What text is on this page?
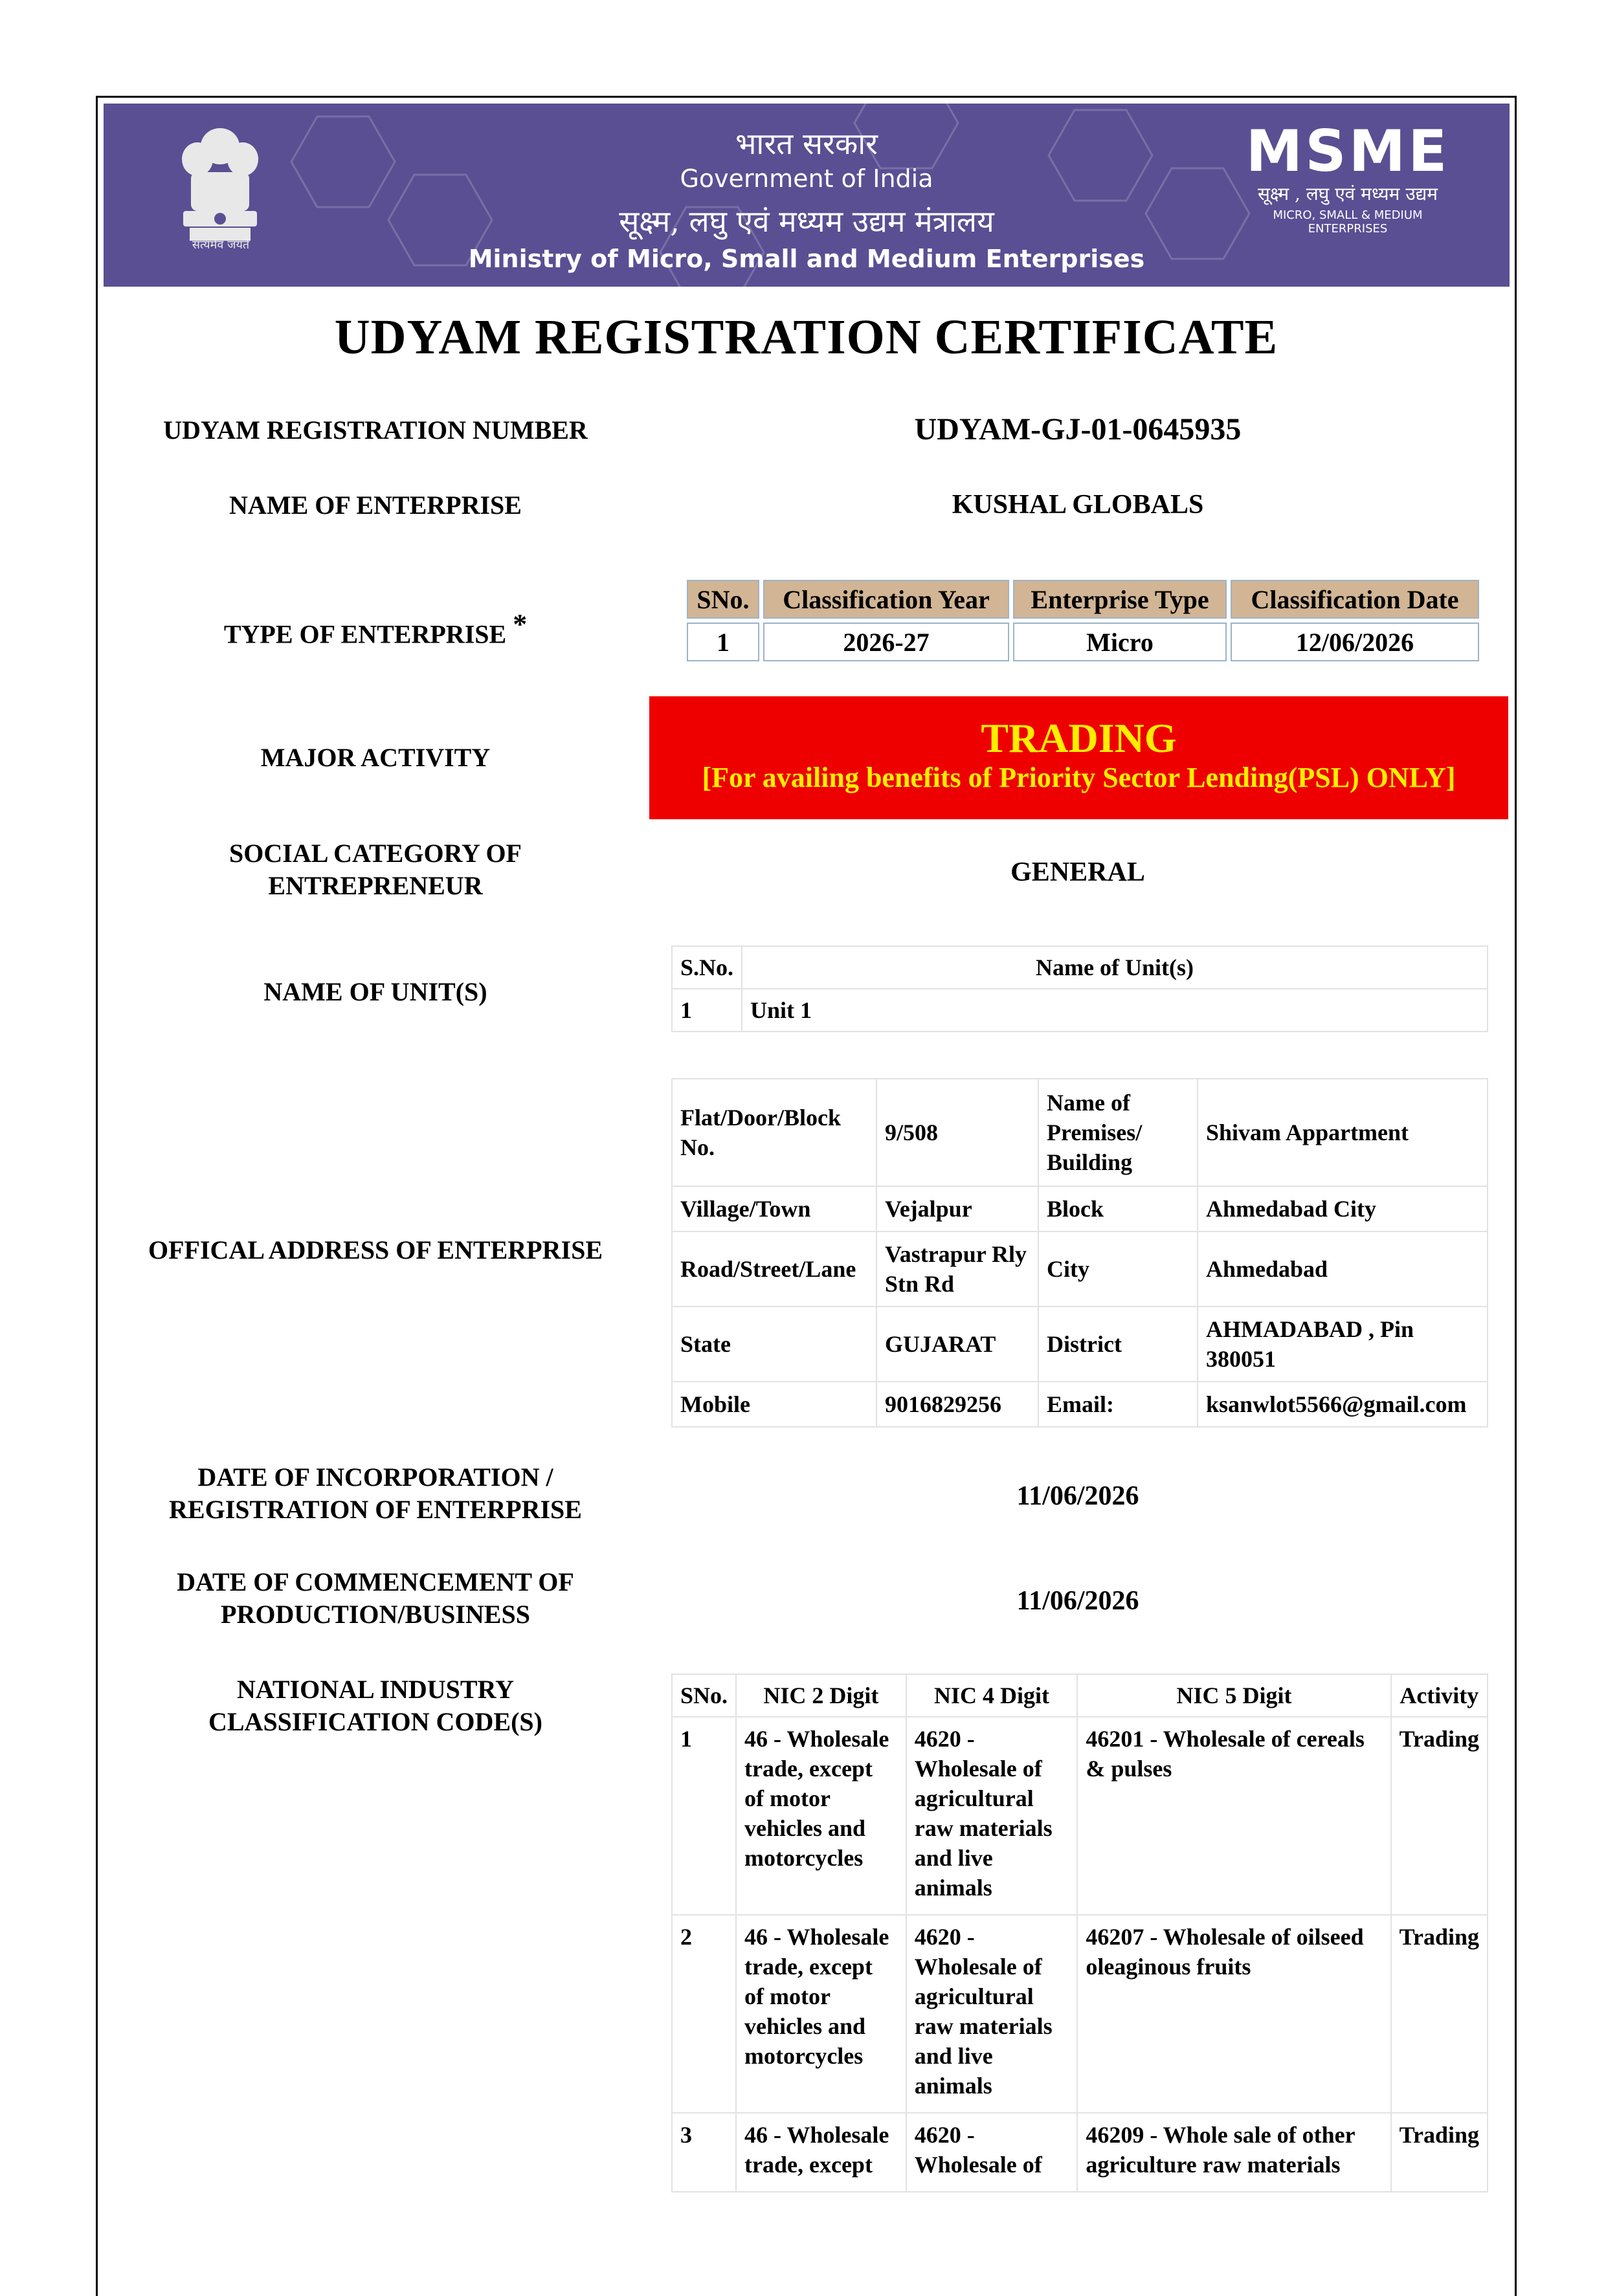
सत्यमेव जयते
भारत सरकार
Government of India
सूक्ष्म, लघु एवं मध्यम उद्यम मंत्रालय
Ministry of Micro, Small and Medium Enterprises
MSME
सूक्ष्म , लघु एवं मध्यम उद्यम
MICRO, SMALL & MEDIUM ENTERPRISES
UDYAM REGISTRATION CERTIFICATE
UDYAM REGISTRATION NUMBER	UDYAM-GJ-01-0645935
NAME OF ENTERPRISE	KUSHAL GLOBALS
TYPE OF ENTERPRISE *
SNo.	Classification Year	Enterprise Type	Classification Date
1	2026-27	Micro	12/06/2026
MAJOR ACTIVITY	TRADING
[For availing benefits of Priority Sector Lending(PSL) ONLY]
SOCIAL CATEGORY OF ENTREPRENEUR	GENERAL
NAME OF UNIT(S)
S.No.	Name of Unit(s)
1	Unit 1
OFFICAL ADDRESS OF ENTERPRISE
Flat/Door/Block No.	9/508	Name of Premises/ Building	Shivam Appartment
Village/Town	Vejalpur	Block	Ahmedabad City
Road/Street/Lane	Vastrapur Rly Stn Rd	City	Ahmedabad
State	GUJARAT	District	AHMADABAD , Pin 380051
Mobile	9016829256	Email:	ksanwlot5566@gmail.com
DATE OF INCORPORATION / REGISTRATION OF ENTERPRISE	11/06/2026
DATE OF COMMENCEMENT OF PRODUCTION/BUSINESS	11/06/2026
NATIONAL INDUSTRY CLASSIFICATION CODE(S)
SNo.	NIC 2 Digit	NIC 4 Digit	NIC 5 Digit	Activity
1	46 - Wholesale trade, except of motor vehicles and motorcycles	4620 - Wholesale of agricultural raw materials and live animals	46201 - Wholesale of cereals & pulses	Trading
2	46 - Wholesale trade, except of motor vehicles and motorcycles	4620 - Wholesale of agricultural raw materials and live animals	46207 - Wholesale of oilseed oleaginous fruits	Trading
3	46 - Wholesale trade, except	4620 - Wholesale of	46209 - Whole sale of other agriculture raw materials	Trading
